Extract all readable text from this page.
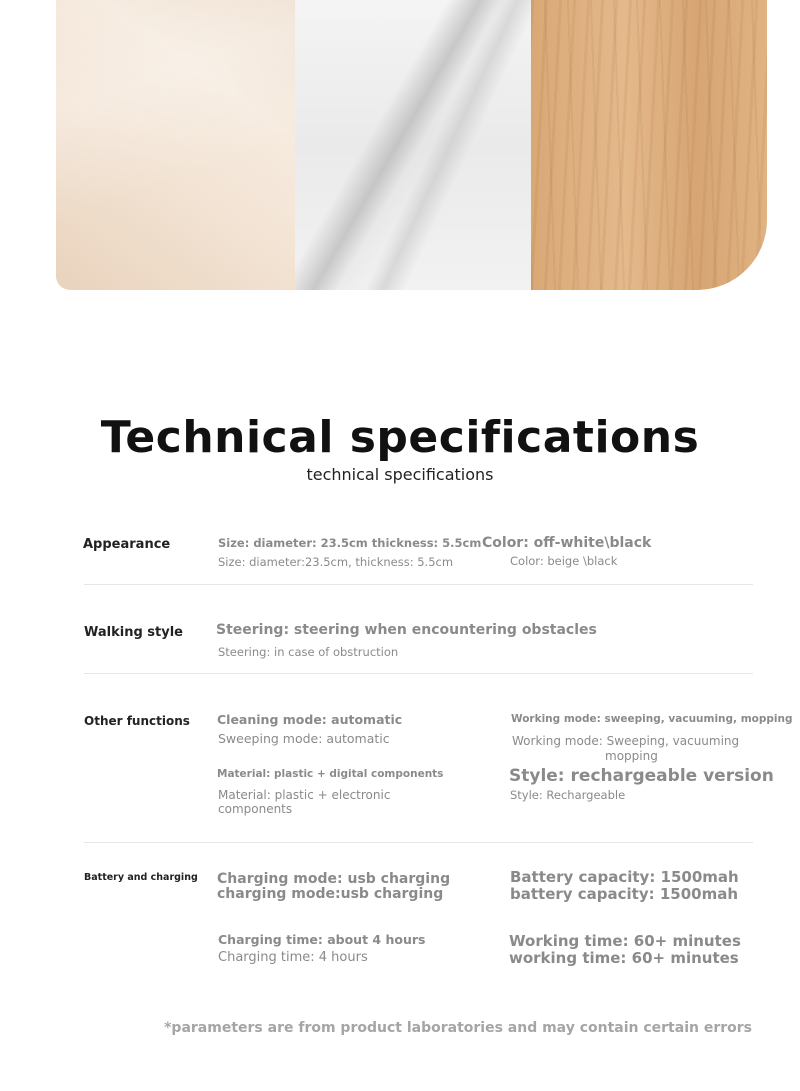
Technical specifications

technical specifications

Appearance	Size: diameter: 23.5cm thickness: 5.5cm

Size: diameter:23.5cm, thickness: 5.5cm

Color: off-white\black

Color: beige \black

Walking style Steering: steering when encountering obstacles

Steering: in case of obstruction

Other functions Cleaning mode: automatic

Sweeping mode: automatic

Working mode: sweeping, vacuuming, mopping

Working mode: Sweeping, vacuuming

mopping

Material: plastic + digital components

Material: plastic + electronic

components

Style: rechargeable version

Style: Rechargeable

Battery and charging Charging mode: usb charging

charging mode:usb charging

Battery capacity: 1500mah

battery capacity: 1500mah

Charging time: about 4 hours

Charging time: 4 hours

Working time: 60+ minutes

working time: 60+ minutes

*parameters are from product laboratories and may contain certain errors
